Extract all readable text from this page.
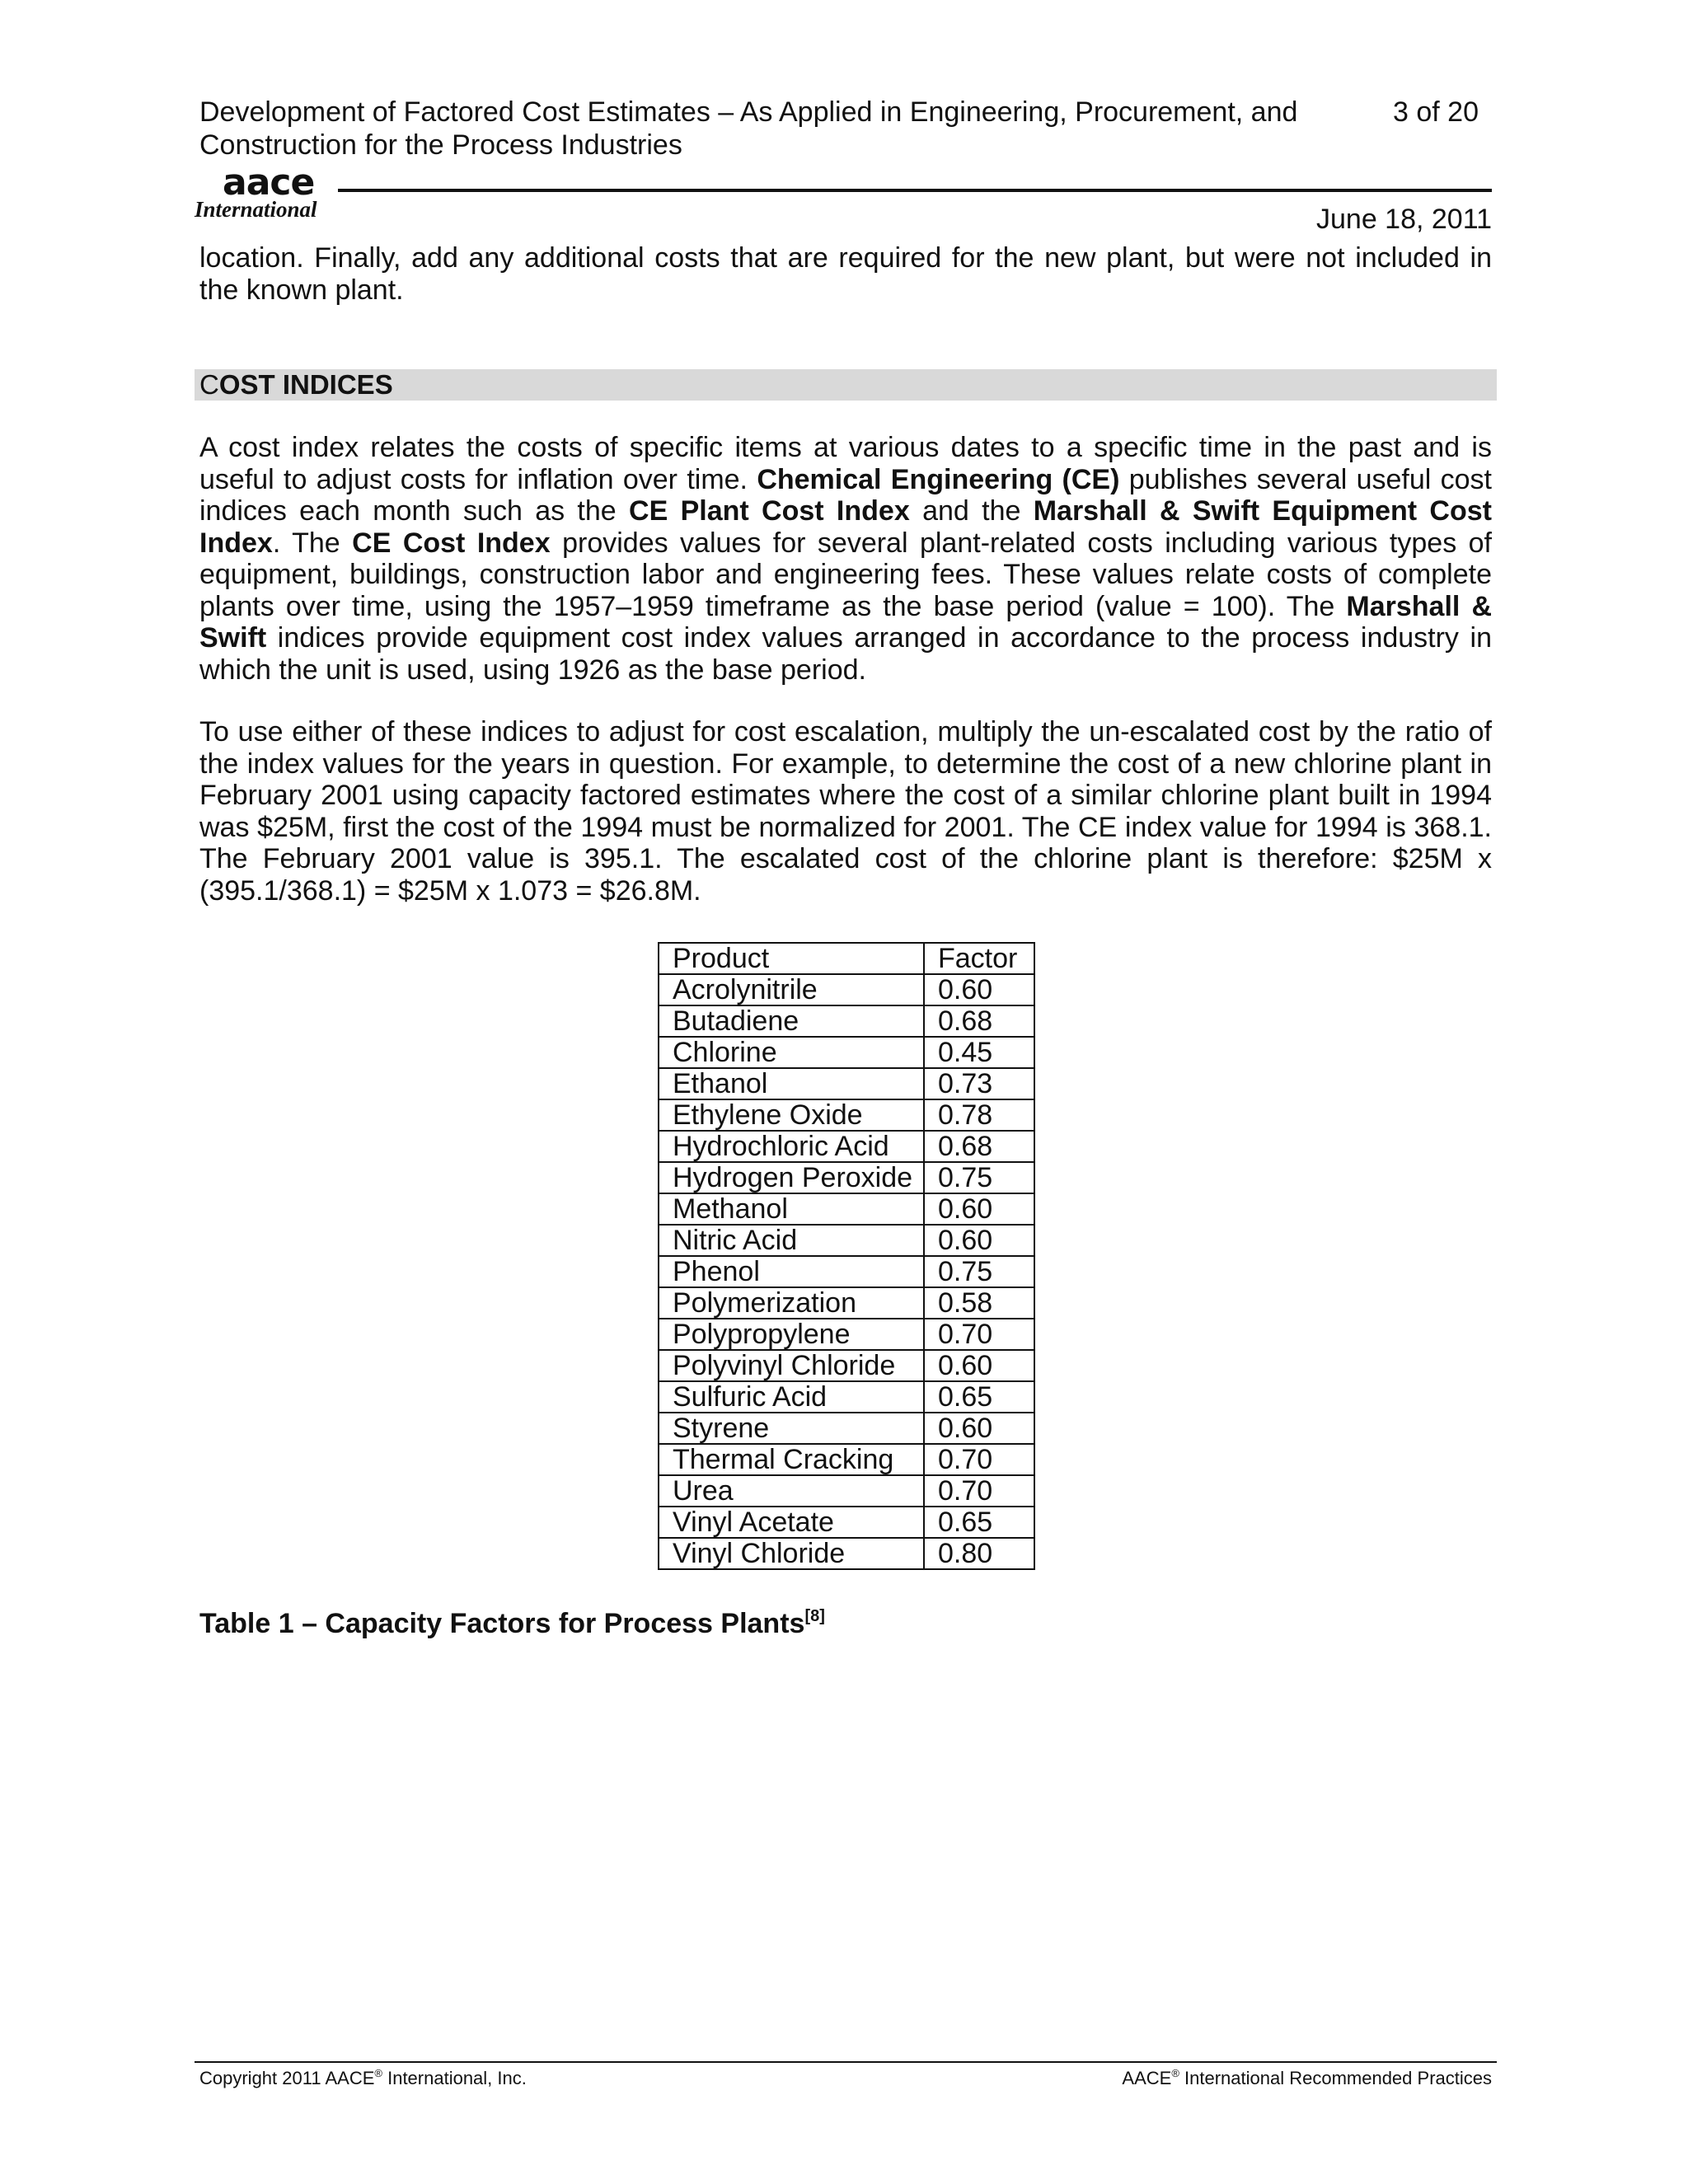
Development of Factored Cost Estimates – As Applied in Engineering, Procurement, and Construction for the Process Industries
3 of 20
aace
International	June 18, 2011
location. Finally, add any additional costs that are required for the new plant, but were not included in the known plant.
COST INDICES
A cost index relates the costs of specific items at various dates to a specific time in the past and is useful to adjust costs for inflation over time. Chemical Engineering (CE) publishes several useful cost indices each month such as the CE Plant Cost Index and the Marshall & Swift Equipment Cost Index. The CE Cost Index provides values for several plant-related costs including various types of equipment, buildings, construction labor and engineering fees. These values relate costs of complete plants over time, using the 1957–1959 timeframe as the base period (value = 100). The Marshall & Swift indices provide equipment cost index values arranged in accordance to the process industry in which the unit is used, using 1926 as the base period.
To use either of these indices to adjust for cost escalation, multiply the un-escalated cost by the ratio of the index values for the years in question. For example, to determine the cost of a new chlorine plant in February 2001 using capacity factored estimates where the cost of a similar chlorine plant built in 1994 was $25M, first the cost of the 1994 must be normalized for 2001. The CE index value for 1994 is 368.1. The February 2001 value is 395.1. The escalated cost of the chlorine plant is therefore: $25M x (395.1/368.1) = $25M x 1.073 = $26.8M.
Product	Factor
Acrolynitrile	0.60
Butadiene	0.68
Chlorine	0.45
Ethanol	0.73
Ethylene Oxide	0.78
Hydrochloric Acid	0.68
Hydrogen Peroxide	0.75
Methanol	0.60
Nitric Acid	0.60
Phenol	0.75
Polymerization	0.58
Polypropylene	0.70
Polyvinyl Chloride	0.60
Sulfuric Acid	0.65
Styrene	0.60
Thermal Cracking	0.70
Urea	0.70
Vinyl Acetate	0.65
Vinyl Chloride	0.80
Table 1 – Capacity Factors for Process Plants[8]
Copyright 2011 AACE® International, Inc.	AACE® International Recommended Practices
